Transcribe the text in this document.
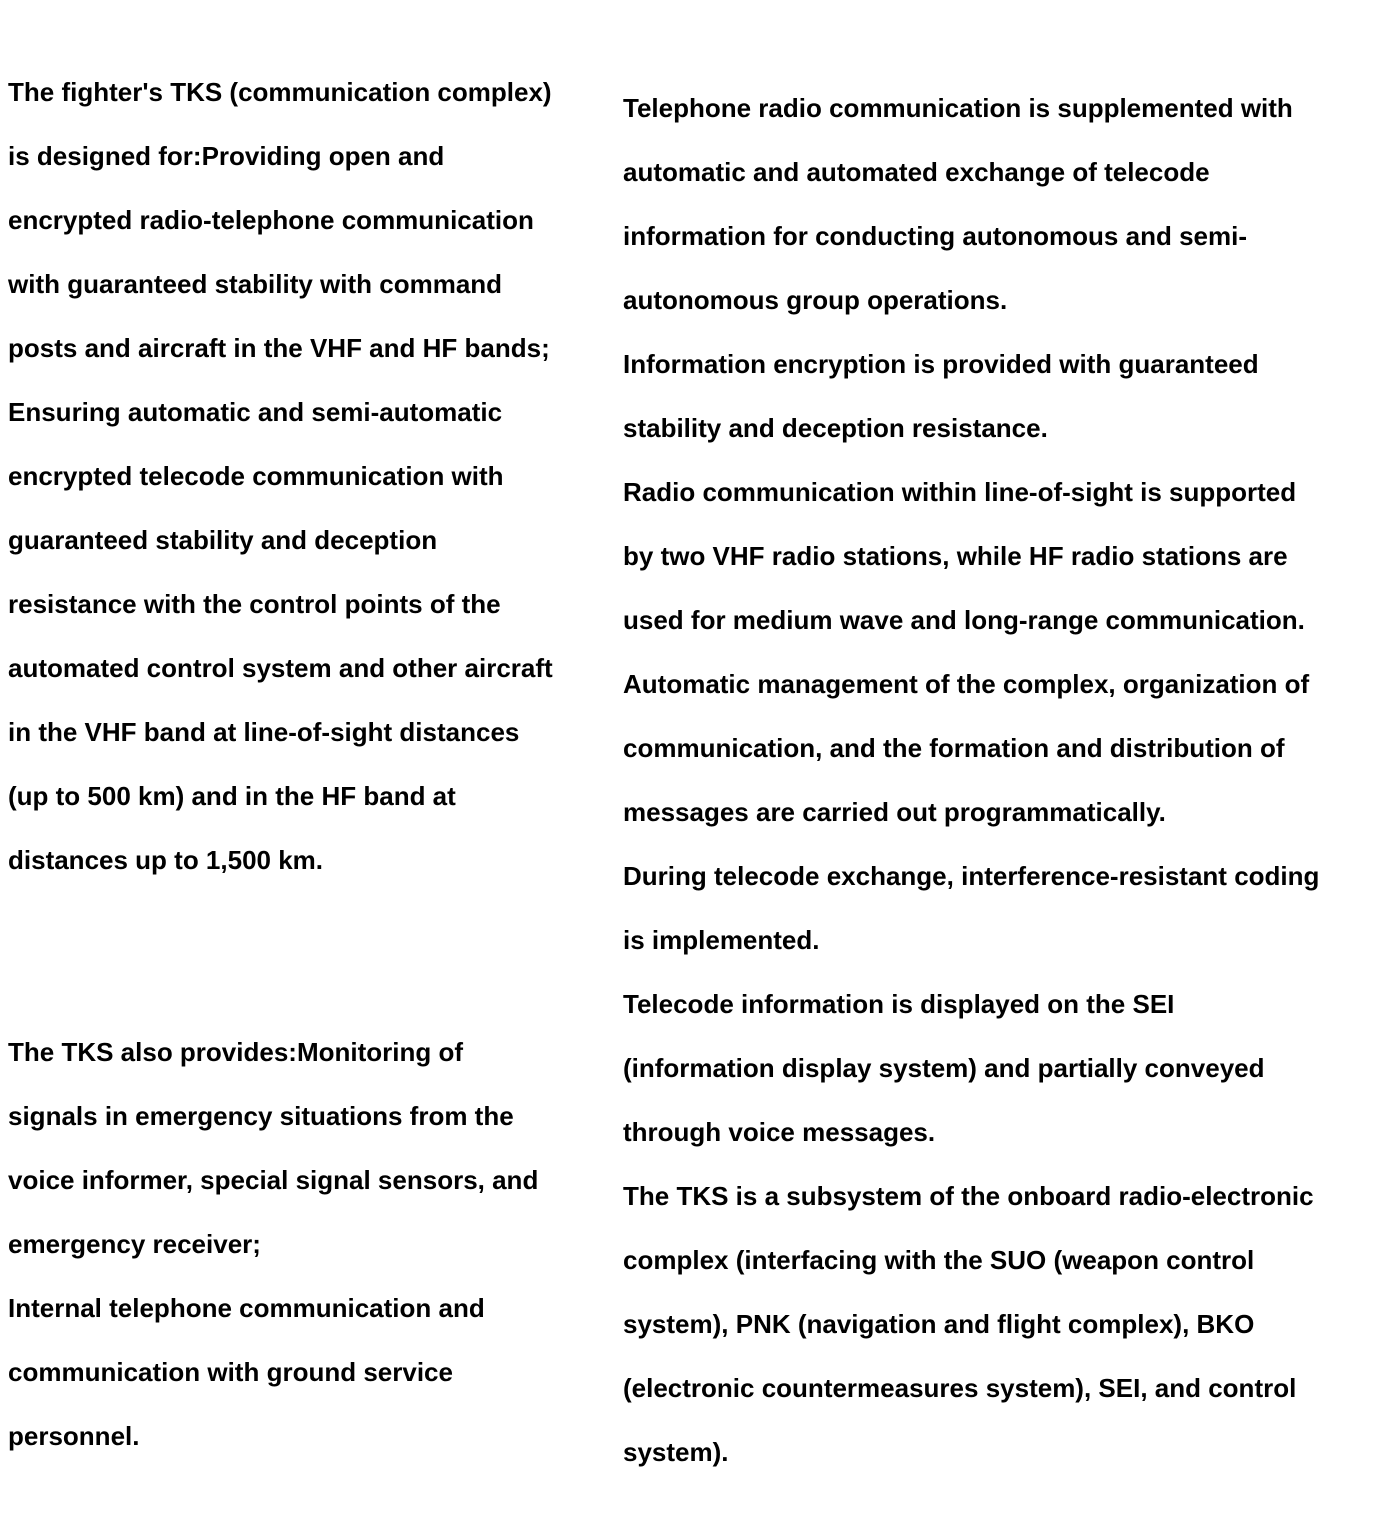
The fighter's TKS (communication complex)

is designed for:Providing open and

encrypted radio-telephone communication

with guaranteed stability with command

posts and aircraft in the VHF and HF bands;

Ensuring automatic and semi-automatic

encrypted telecode communication with

guaranteed stability and deception

resistance with the control points of the

automated control system and other aircraft

in the VHF band at line-of-sight distances

(up to 500 km) and in the HF band at

distances up to 1,500 km.

The TKS also provides:Monitoring of

signals in emergency situations from the

voice informer, special signal sensors, and

emergency receiver;

Internal telephone communication and

communication with ground service

personnel.

Telephone radio communication is supplemented with

automatic and automated exchange of telecode

information for conducting autonomous and semi-

autonomous group operations.

Information encryption is provided with guaranteed

stability and deception resistance.

Radio communication within line-of-sight is supported

by two VHF radio stations, while HF radio stations are

used for medium wave and long-range communication.

Automatic management of the complex, organization of

communication, and the formation and distribution of

messages are carried out programmatically.

During telecode exchange, interference-resistant coding

is implemented.

Telecode information is displayed on the SEI

(information display system) and partially conveyed

through voice messages.

The TKS is a subsystem of the onboard radio-electronic

complex (interfacing with the SUO (weapon control

system), PNK (navigation and flight complex), BKO

(electronic countermeasures system), SEI, and control

system).
